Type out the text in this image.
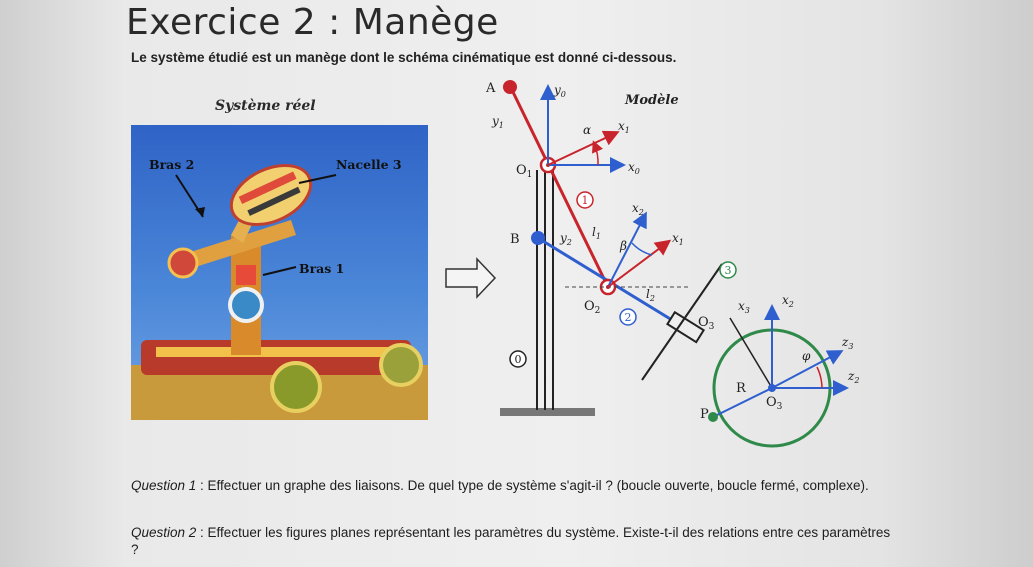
Exercice 2 : Manège
Le système étudié est un manège dont le schéma cinématique est donné ci-dessous.
Système réel
Bras 2	Nacelle 3
Bras 1
1
2
3
0
Modèle
A
B
P
R
$O_1$
$O_2$
$O_3$
$O_3$
$y_0$
$y_1$	$x_1$
$x_0$
$x_2$
$y_2$	$x_1$
$x_3$
$x_2$
$z_3$
$z_2$
$l_1$
$l_2$
α
β
φ
Question 1 : Effectuer un graphe des liaisons. De quel type de système s'agit-il ? (boucle ouverte, boucle fermé, complexe).
Question 2 : Effectuer les figures planes représentant les paramètres du système. Existe-t-il des relations entre ces paramètres ?
